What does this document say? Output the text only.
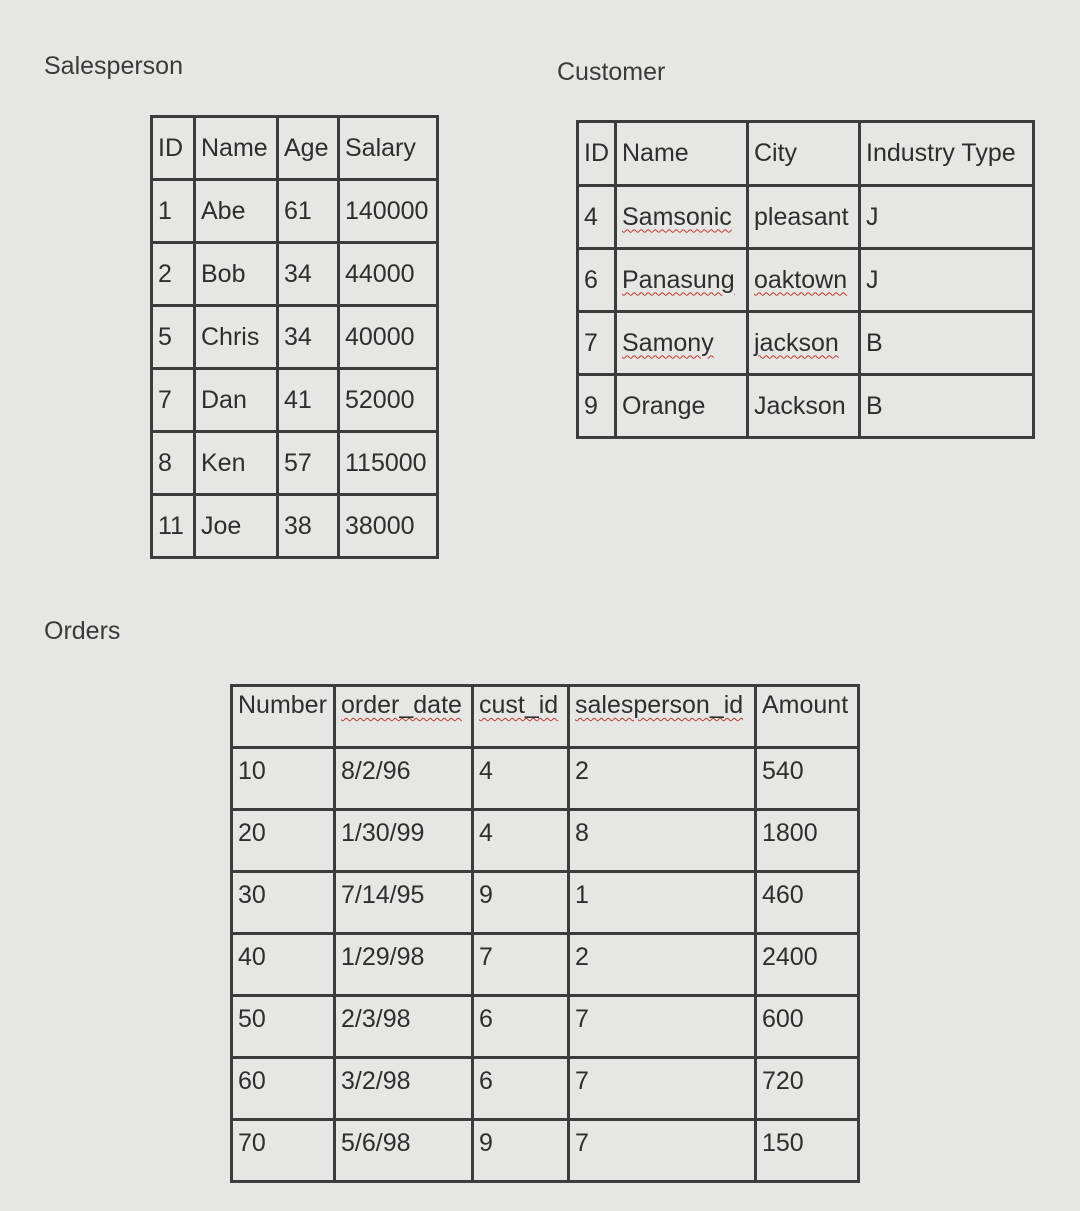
Salesperson	Customer
Orders
ID	Name	Age	Salary
1	Abe	61	140000
2	Bob	34	44000
5	Chris	34	40000
7	Dan	41	52000
8	Ken	57	115000
11	Joe	38	38000
ID	Name	City	Industry Type
4	Samsonic	pleasant	J
6	Panasung	oaktown	J
7	Samony	jackson	B
9	Orange	Jackson	B
Number	order_date	cust_id	salesperson_id	Amount
10	8/2/96	4	2	540
20	1/30/99	4	8	1800
30	7/14/95	9	1	460
40	1/29/98	7	2	2400
50	2/3/98	6	7	600
60	3/2/98	6	7	720
70	5/6/98	9	7	150
